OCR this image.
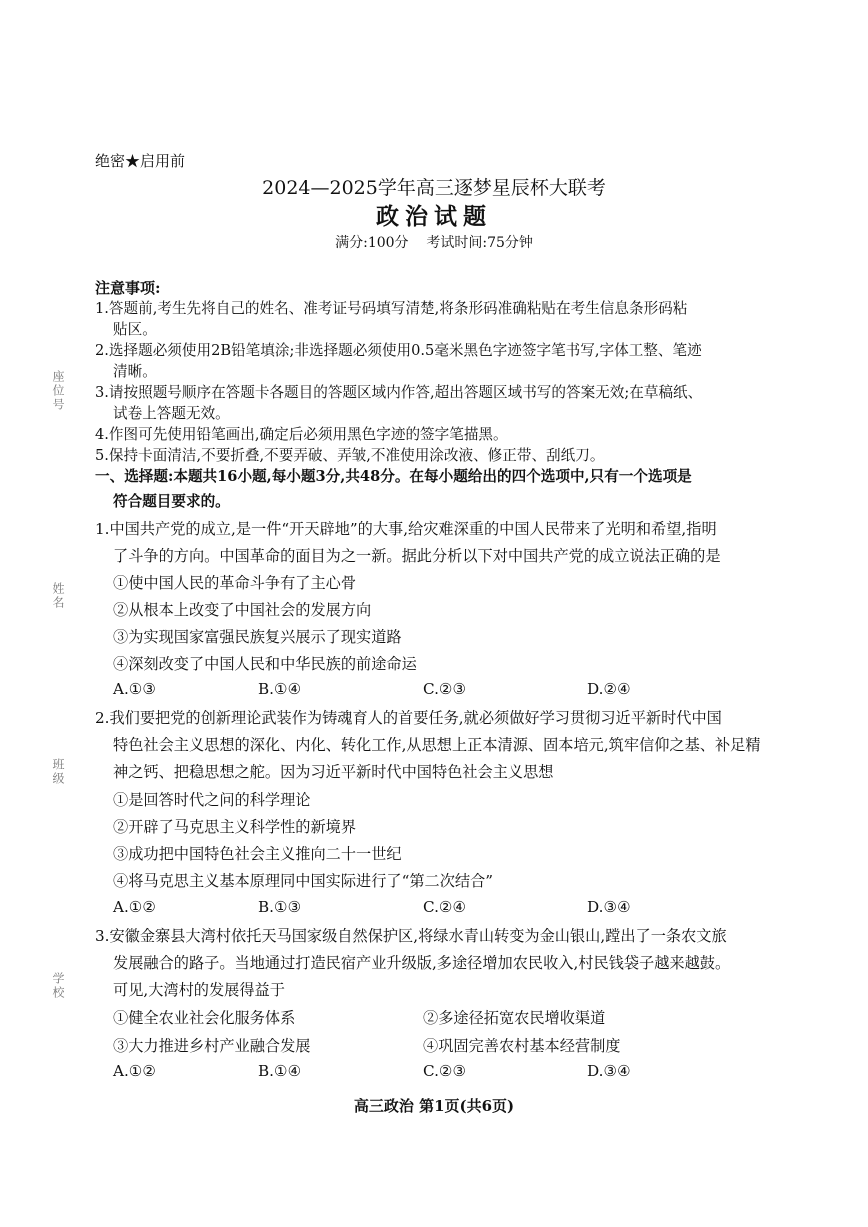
座位号
姓名
班级
学校
绝密★启用前
2024—2025学年高三逐梦星辰杯大联考
政治试题
满分:100分    考试时间:75分钟
注意事项:
1.答题前,考生先将自己的姓名、准考证号码填写清楚,将条形码准确粘贴在考生信息条形码粘
贴区。
2.选择题必须使用2B铅笔填涂;非选择题必须使用0.5毫米黑色字迹签字笔书写,字体工整、笔迹
清晰。
3.请按照题号顺序在答题卡各题目的答题区域内作答,超出答题区域书写的答案无效;在草稿纸、
试卷上答题无效。
4.作图可先使用铅笔画出,确定后必须用黑色字迹的签字笔描黑。
5.保持卡面清洁,不要折叠,不要弄破、弄皱,不准使用涂改液、修正带、刮纸刀。
一、选择题:本题共16小题,每小题3分,共48分。在每小题给出的四个选项中,只有一个选项是
符合题目要求的。
1.中国共产党的成立,是一件“开天辟地”的大事,给灾难深重的中国人民带来了光明和希望,指明
了斗争的方向。中国革命的面目为之一新。据此分析以下对中国共产党的成立说法正确的是
①使中国人民的革命斗争有了主心骨
②从根本上改变了中国社会的发展方向
③为实现国家富强民族复兴展示了现实道路
④深刻改变了中国人民和中华民族的前途命运
A.①③	B.①④	C.②③	D.②④
2.我们要把党的创新理论武装作为铸魂育人的首要任务,就必须做好学习贯彻习近平新时代中国
特色社会主义思想的深化、内化、转化工作,从思想上正本清源、固本培元,筑牢信仰之基、补足精
神之钙、把稳思想之舵。因为习近平新时代中国特色社会主义思想
①是回答时代之问的科学理论
②开辟了马克思主义科学性的新境界
③成功把中国特色社会主义推向二十一世纪
④将马克思主义基本原理同中国实际进行了“第二次结合”
A.①②	B.①③	C.②④	D.③④
3.安徽金寨县大湾村依托天马国家级自然保护区,将绿水青山转变为金山银山,蹚出了一条农文旅
发展融合的路子。当地通过打造民宿产业升级版,多途径增加农民收入,村民钱袋子越来越鼓。
可见,大湾村的发展得益于
①健全农业社会化服务体系	②多途径拓宽农民增收渠道
③大力推进乡村产业融合发展	④巩固完善农村基本经营制度
A.①②	B.①④	C.②③	D.③④
高三政治 第1页(共6页)
